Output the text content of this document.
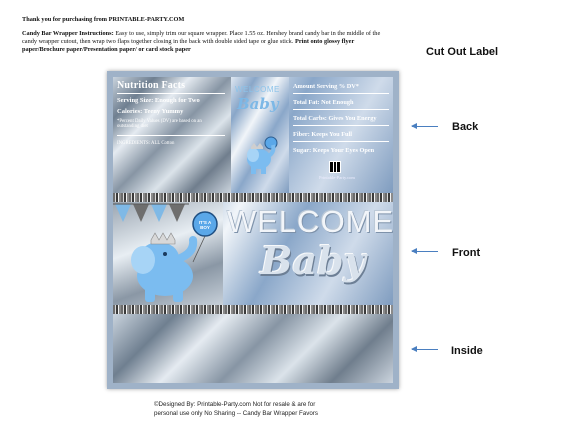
Thank you for purchasing from PRINTABLE-PARTY.COM
Candy Bar Wrapper Instructions: Easy to use, simply trim our square wrapper. Place 1.55 oz. Hershey brand candy bar in the middle of the candy wrapper cutout, then wrap two flaps together closing in the back with double sided tape or glue stick. Print onto glossy flyer paper/Brochure paper/Presentation paper/ or card stock paper	Cut Out Label
Back
Front
Inside
Nutrition Facts
Serving Size: Enough for Two
Calories: Teeny Yummy
*Percent Daily Values (DV) are based on an outstanding diet
INGREDIENTS: ALL Cotton
WELCOME
Baby
Amount Serving % DV*
Total Fat: Not Enough
Total Carbs: Gives You Energy
Fiber: Keeps You Full
Sugar: Keeps Your Eyes Open
Printable-Party.com
IT'S A BOY WELCOME
Baby
©Designed By: Printable-Party.com Not for resale & are for
personal use only No Sharing -- Candy Bar Wrapper Favors
